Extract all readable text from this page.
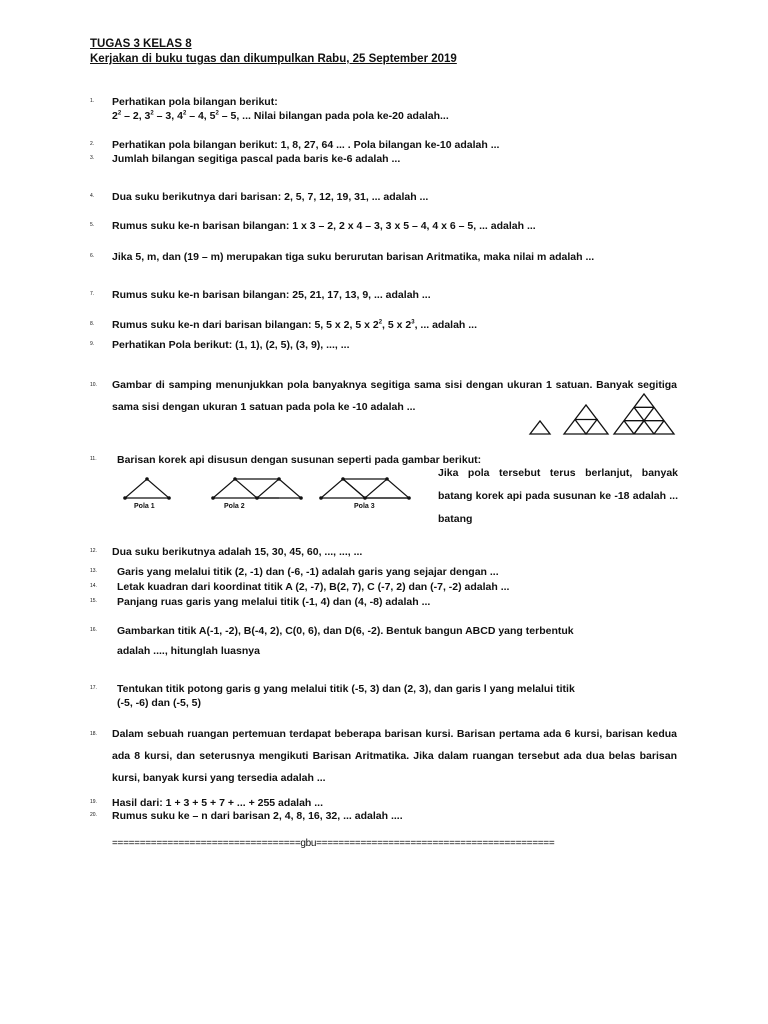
TUGAS 3 KELAS 8
Kerjakan di buku tugas dan dikumpulkan Rabu, 25 September 2019
1. Perhatikan pola bilangan berikut:
$2^2 - 2$, $3^2 - 3$, $4^2 - 4$, $5^2 - 5$, ... Nilai bilangan pada pola ke-20 adalah...
2. Perhatikan pola bilangan berikut: 1, 8, 27, 64 ... . Pola bilangan ke-10 adalah ...
3. Jumlah bilangan segitiga pascal pada baris ke-6 adalah ...
4. Dua suku berikutnya dari barisan: 2, 5, 7, 12, 19, 31, ... adalah ...
5. Rumus suku ke-n barisan bilangan: 1 x 3 – 2, 2 x 4 – 3, 3 x 5 – 4, 4 x 6 – 5, ... adalah ...
6. Jika 5, m, dan (19 – m) merupakan tiga suku berurutan barisan Aritmatika, maka nilai m adalah ...
7. Rumus suku ke-n barisan bilangan: 25, 21, 17, 13, 9, ... adalah ...
8. Rumus suku ke-n dari barisan bilangan: 5, 5 x 2, 5 x $2^2$, 5 x $2^3$, ... adalah ...
9. Perhatikan Pola berikut: (1, 1), (2, 5), (3, 9), ..., ...
10. Gambar di samping menunjukkan pola banyaknya segitiga sama sisi dengan ukuran 1 satuan. Banyak segitiga sama sisi dengan ukuran 1 satuan pada pola ke -10 adalah ...
11. Barisan korek api disusun dengan susunan seperti pada gambar berikut:
Jika pola tersebut terus berlanjut, banyak batang korek api pada susunan ke -18 adalah ... batang
Pola 1	Pola 2	Pola 3
12. Dua suku berikutnya adalah 15, 30, 45, 60, ..., ..., ...
13. Garis yang melalui titik (2, -1) dan (-6, -1) adalah garis yang sejajar dengan ...
14. Letak kuadran dari koordinat titik A (2, -7), B(2, 7), C (-7, 2) dan (-7, -2) adalah ...
15. Panjang ruas garis yang melalui titik (-1, 4) dan (4, -8) adalah ...
16. Gambarkan titik A(-1, -2), B(-4, 2), C(0, 6), dan D(6, -2). Bentuk bangun ABCD yang terbentuk
adalah ...., hitunglah luasnya
17. Tentukan titik potong garis g yang melalui titik (-5, 3) dan (2, 3), dan garis l yang melalui titik
(-5, -6) dan (-5, 5)
18. Dalam sebuah ruangan pertemuan terdapat beberapa barisan kursi. Barisan pertama ada 6 kursi, barisan kedua ada 8 kursi, dan seterusnya mengikuti Barisan Aritmatika. Jika dalam ruangan tersebut ada dua belas barisan kursi, banyak kursi yang tersedia adalah ...
19. Hasil dari: 1 + 3 + 5 + 7 + ... + 255 adalah ...
20. Rumus suku ke – n dari barisan 2, 4, 8, 16, 32, ... adalah ....
==================================gbu===========================================
